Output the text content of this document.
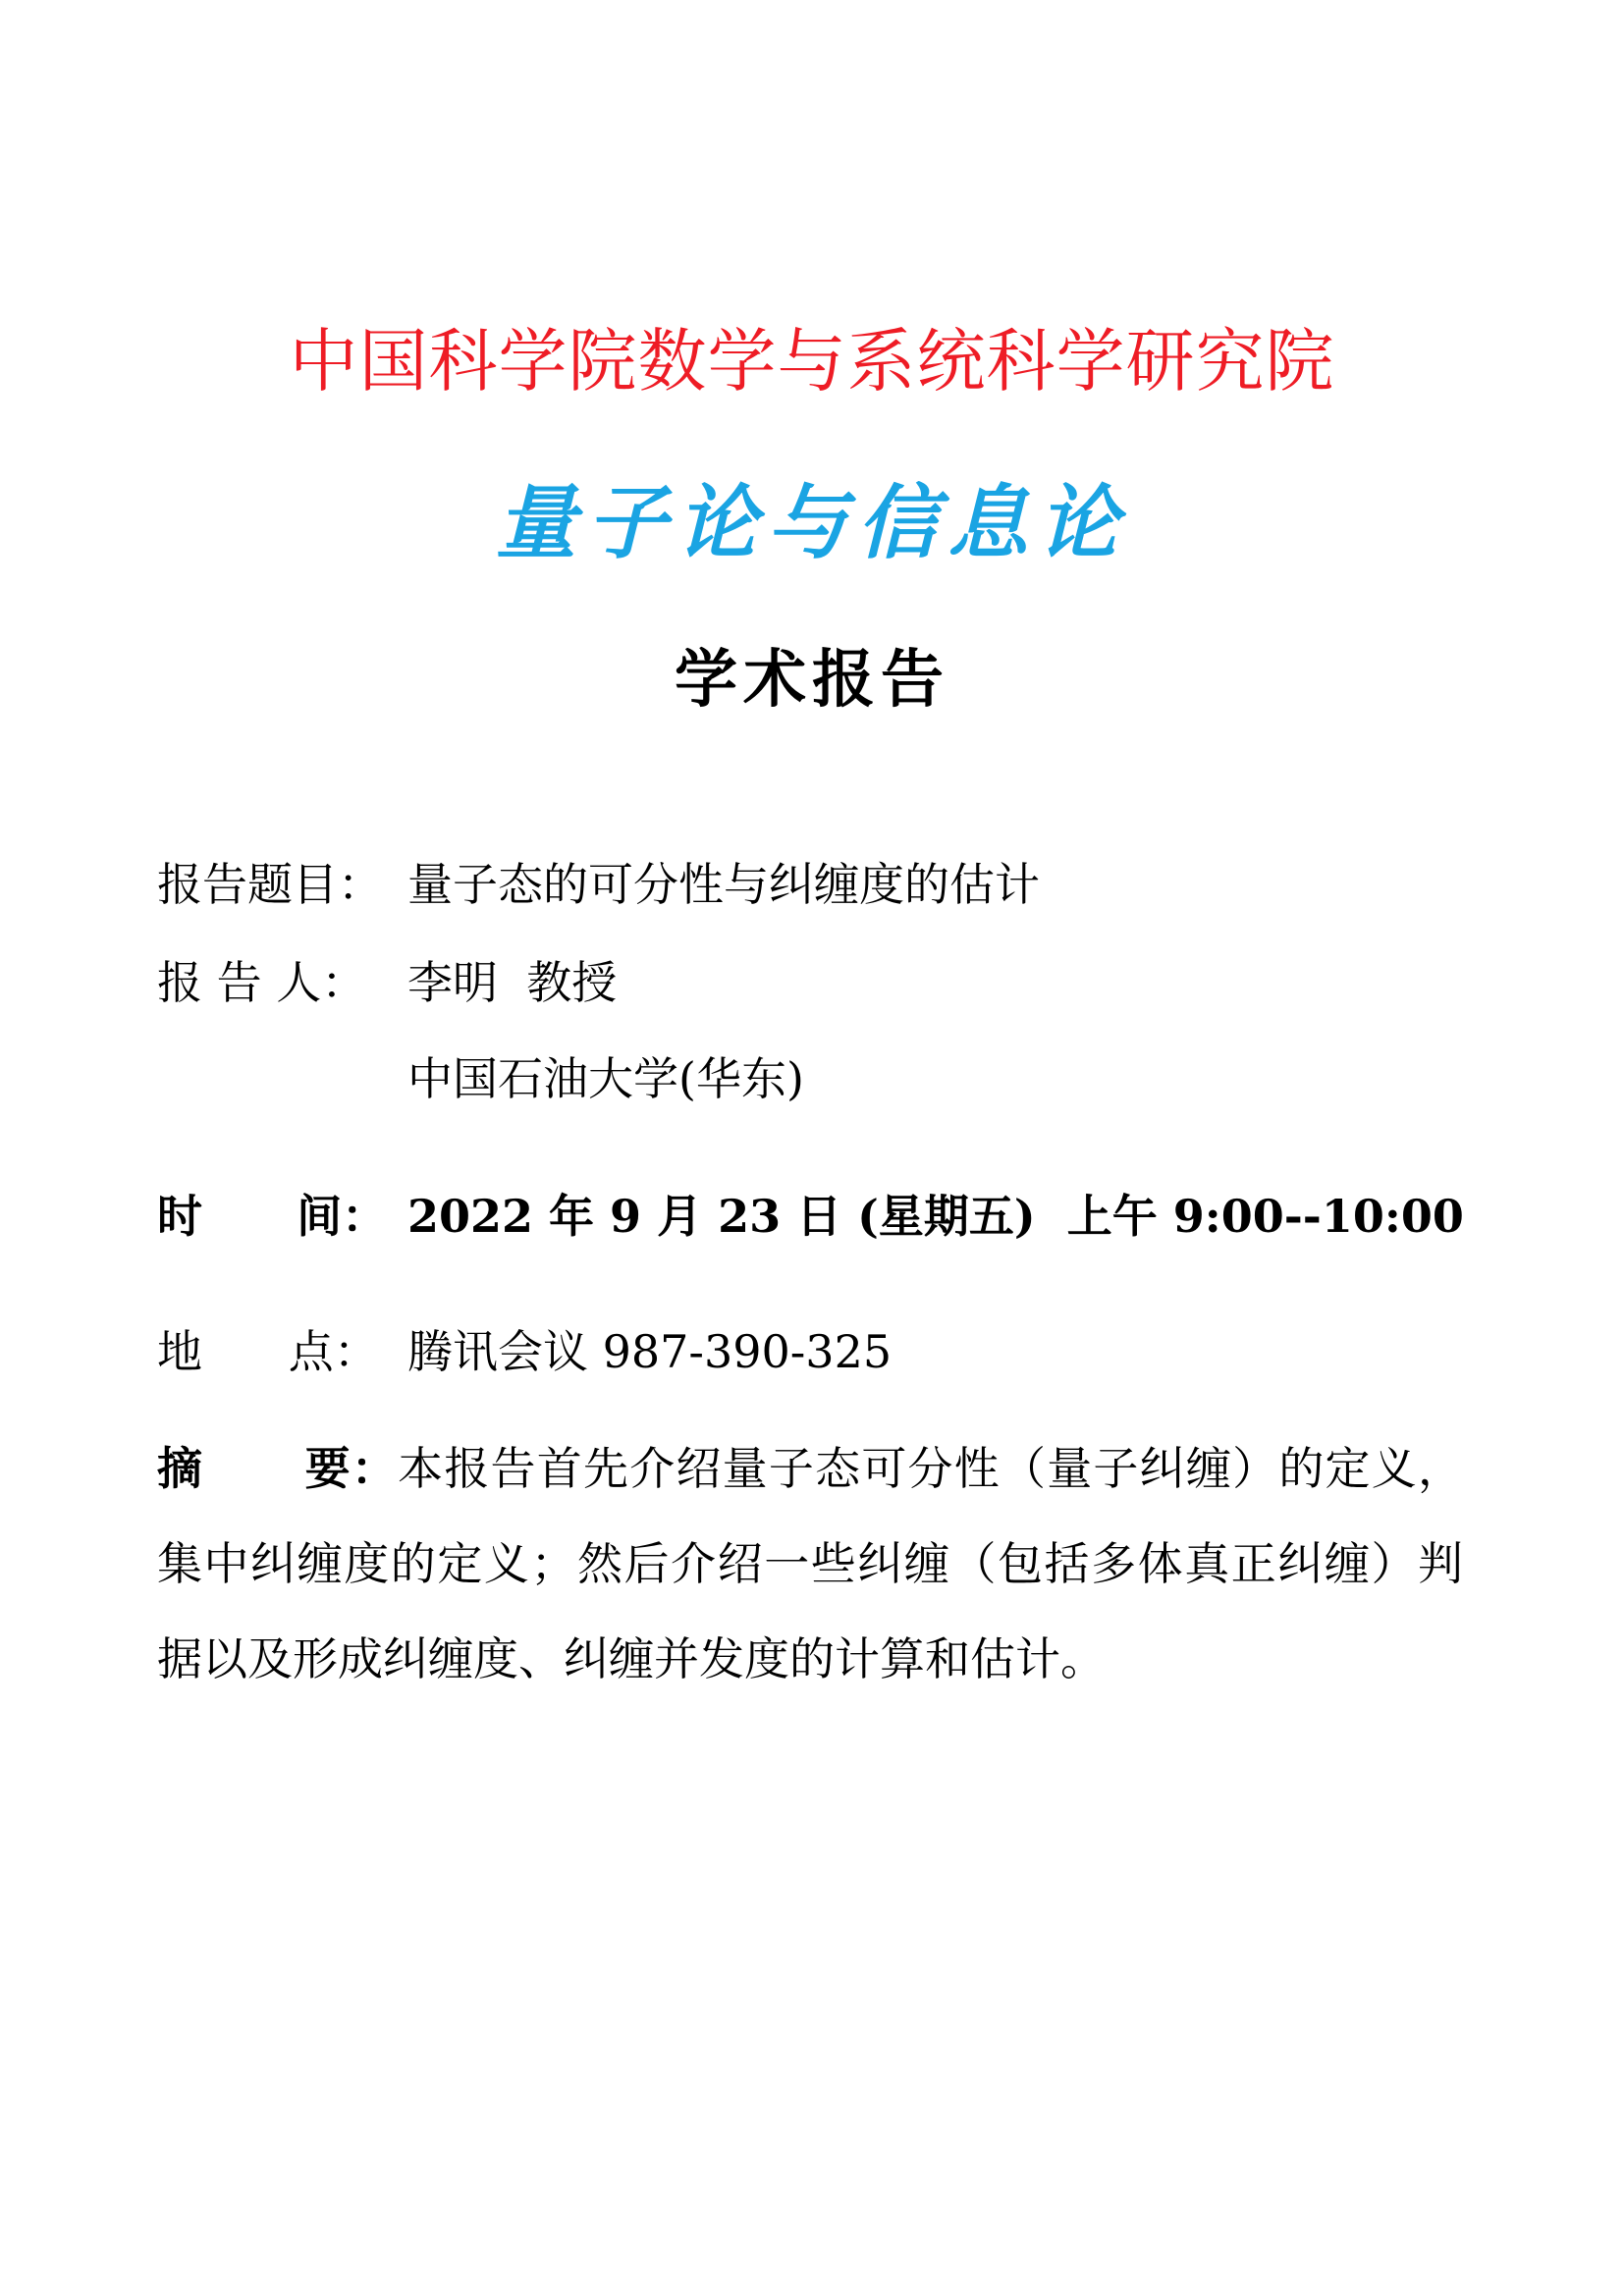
中国科学院数学与系统科学研究院
量子论与信息论
学术报告
报告题目： 量子态的可分性与纠缠度的估计
报 告 人： 李明  教授
中国石油大学(华东)
时      间： 2022 年 9 月 23 日 (星期五)  上午 9:00--10:00
地      点： 腾讯会议 987-390-325
摘      要：本报告首先介绍量子态可分性（量子纠缠）的定义，集中纠缠度的定义；然后介绍一些纠缠（包括多体真正纠缠）判据以及形成纠缠度、纠缠并发度的计算和估计。
